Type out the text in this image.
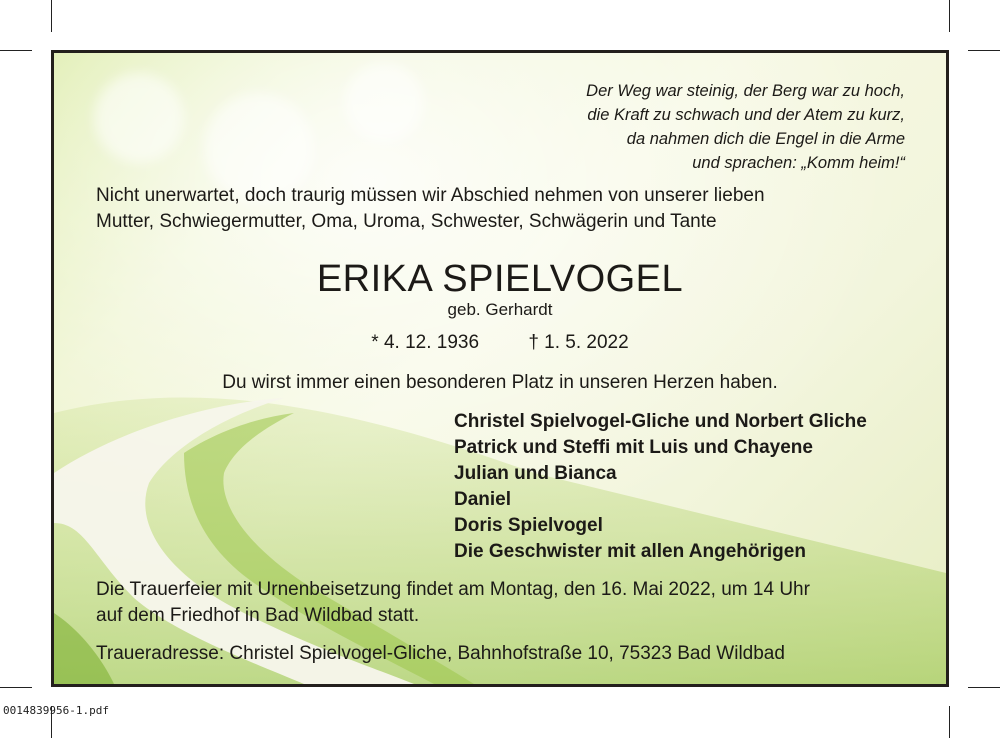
Der Weg war steinig, der Berg war zu hoch,
die Kraft zu schwach und der Atem zu kurz,
da nahmen dich die Engel in die Arme
und sprachen: „Komm heim!“
Nicht unerwartet, doch traurig müssen wir Abschied nehmen von unserer lieben
Mutter, Schwiegermutter, Oma, Uroma, Schwester, Schwägerin und Tante
ERIKA SPIELVOGEL
geb. Gerhardt
* 4. 12. 1936	† 1. 5. 2022
Du wirst immer einen besonderen Platz in unseren Herzen haben.
Christel Spielvogel-Gliche und Norbert Gliche
Patrick und Steffi mit Luis und Chayene
Julian und Bianca
Daniel
Doris Spielvogel
Die Geschwister mit allen Angehörigen
Die Trauerfeier mit Urnenbeisetzung findet am Montag, den 16. Mai 2022, um 14 Uhr
auf dem Friedhof in Bad Wildbad statt.
Traueradresse: Christel Spielvogel-Gliche, Bahnhofstraße 10, 75323 Bad Wildbad
0014839956-1.pdf
